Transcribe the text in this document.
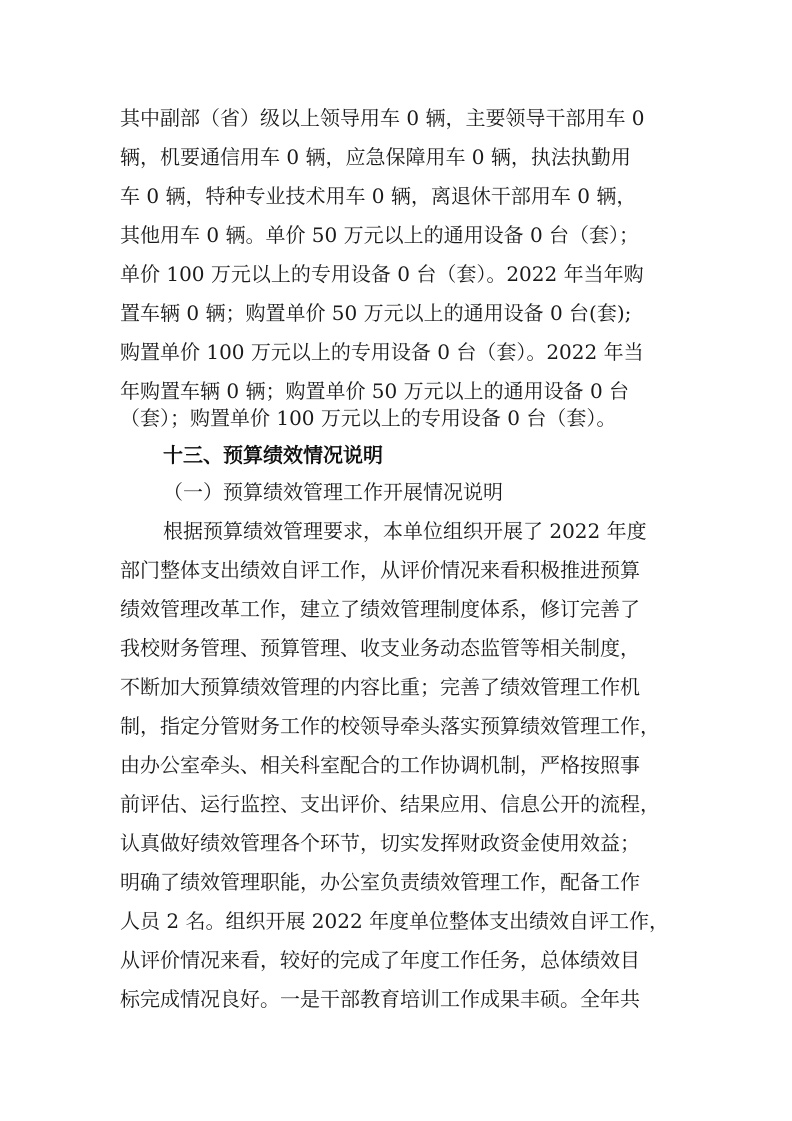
其中副部（省）级以上领导用车 0 辆，主要领导干部用车 0
辆，机要通信用车 0 辆，应急保障用车 0 辆，执法执勤用
车 0 辆，特种专业技术用车 0 辆，离退休干部用车 0 辆，
其他用车 0 辆。单价 50 万元以上的通用设备 0 台（套）；
单价 100 万元以上的专用设备 0 台（套）。2022 年当年购
置车辆 0 辆；购置单价 50 万元以上的通用设备 0 台(套);
购置单价 100 万元以上的专用设备 0 台（套）。2022 年当
年购置车辆 0 辆；购置单价 50 万元以上的通用设备 0 台
（套）；购置单价 100 万元以上的专用设备 0 台（套）。
十三、预算绩效情况说明
（一）预算绩效管理工作开展情况说明
根据预算绩效管理要求，本单位组织开展了 2022 年度
部门整体支出绩效自评工作，从评价情况来看积极推进预算
绩效管理改革工作，建立了绩效管理制度体系，修订完善了
我校财务管理、预算管理、收支业务动态监管等相关制度，
不断加大预算绩效管理的内容比重；完善了绩效管理工作机
制，指定分管财务工作的校领导牵头落实预算绩效管理工作，
由办公室牵头、相关科室配合的工作协调机制，严格按照事
前评估、运行监控、支出评价、结果应用、信息公开的流程，
认真做好绩效管理各个环节，切实发挥财政资金使用效益；
明确了绩效管理职能，办公室负责绩效管理工作，配备工作
人员 2 名。组织开展 2022 年度单位整体支出绩效自评工作，
从评价情况来看，较好的完成了年度工作任务，总体绩效目
标完成情况良好。一是干部教育培训工作成果丰硕。全年共
